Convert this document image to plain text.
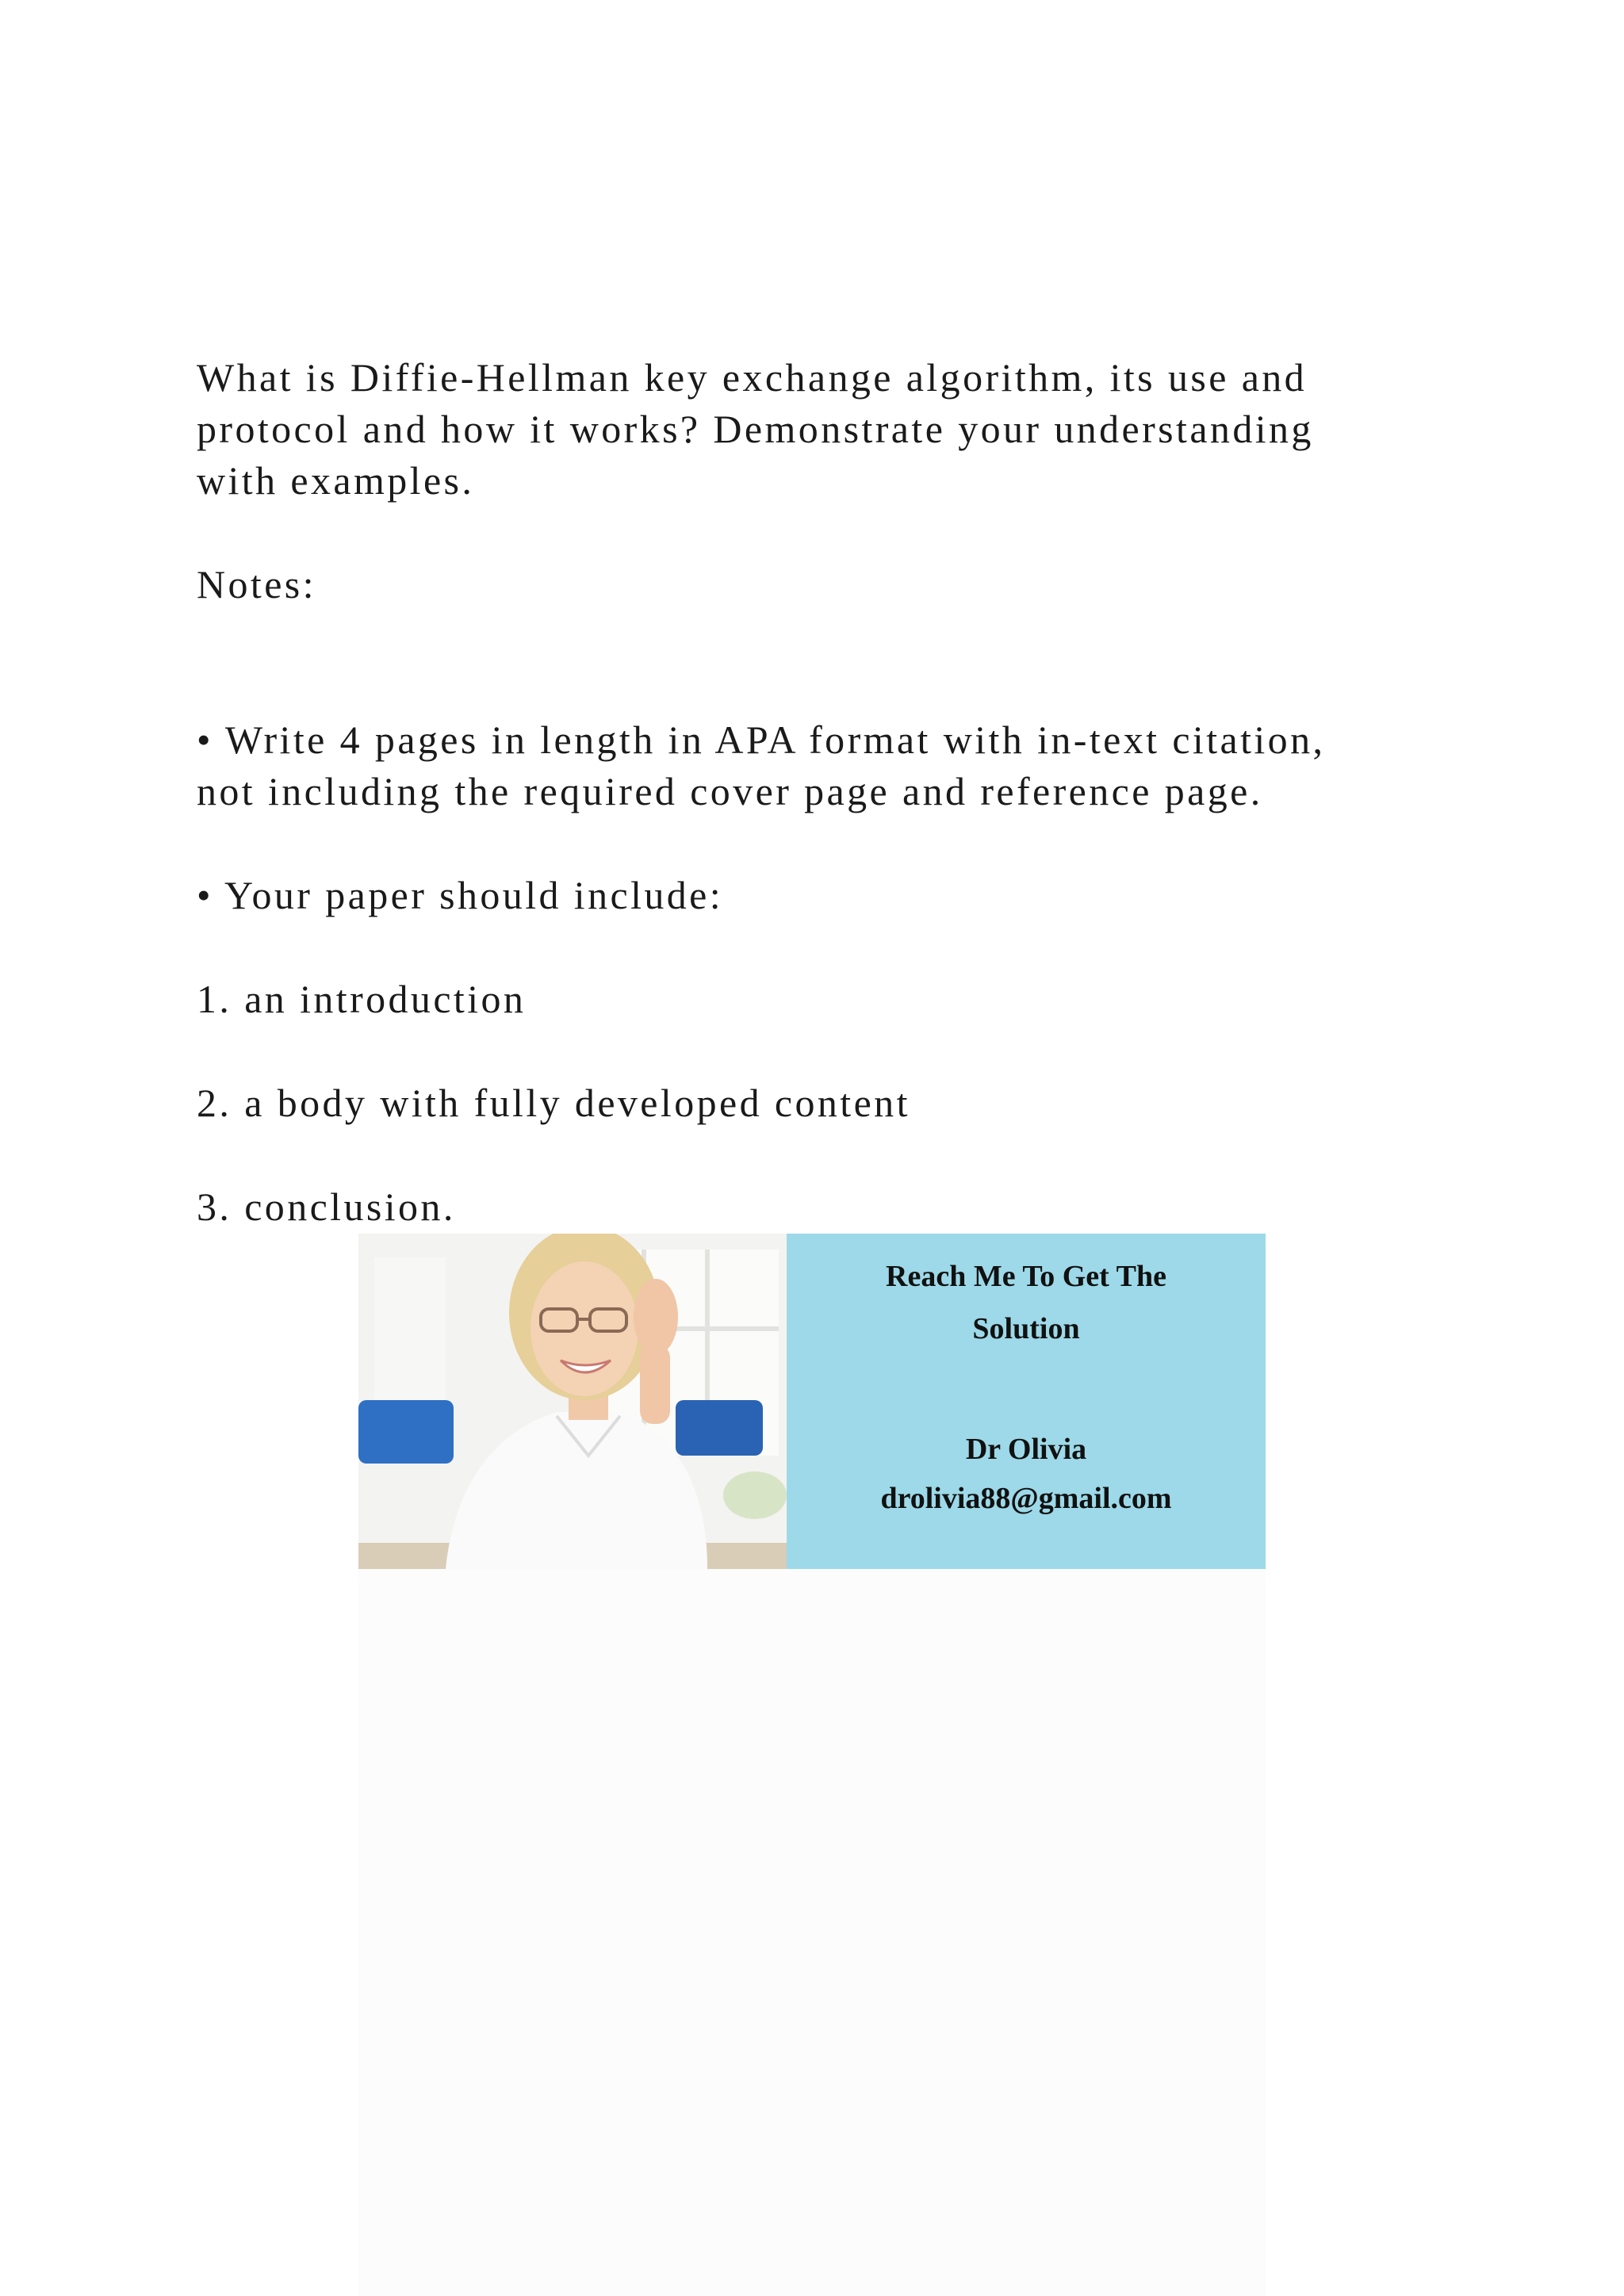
What is Diffie-Hellman key exchange algorithm, its use and
protocol and how it works? Demonstrate your understanding
with examples.
Notes:
• Write 4 pages in length in APA format with in-text citation,
not including the required cover page and reference page.
• Your paper should include:
1. an introduction
2. a body with fully developed content
3. conclusion.
Reach Me To Get The
Solution
Dr Olivia
drolivia88@gmail.com
